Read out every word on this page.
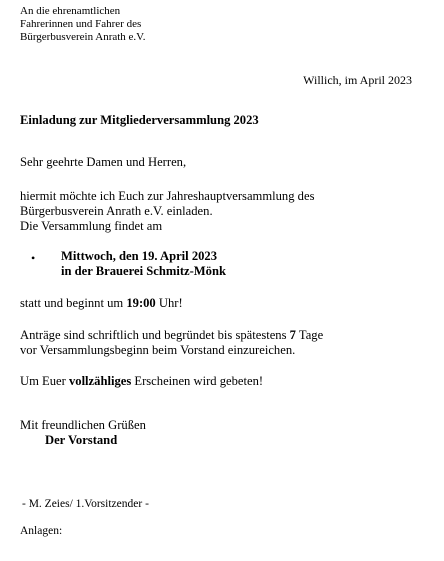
An die ehrenamtlichen
Fahrerinnen und Fahrer des
Bürgerbusverein Anrath e.V.
Willich, im April 2023
Einladung zur Mitgliederversammlung 2023
Sehr geehrte Damen und Herren,
hiermit möchte ich Euch zur Jahreshauptversammlung des
Bürgerbusverein Anrath e.V. einladen.
Die Versammlung findet am
• Mittwoch, den 19. April 2023
in der Brauerei Schmitz-Mönk
statt und beginnt um 19:00 Uhr!
Anträge sind schriftlich und begründet bis spätestens 7 Tage
vor Versammlungsbeginn beim Vorstand einzureichen.
Um Euer vollzähliges Erscheinen wird gebeten!
Mit freundlichen Grüßen
Der Vorstand
- M. Zeies/ 1.Vorsitzender -
Anlagen:
